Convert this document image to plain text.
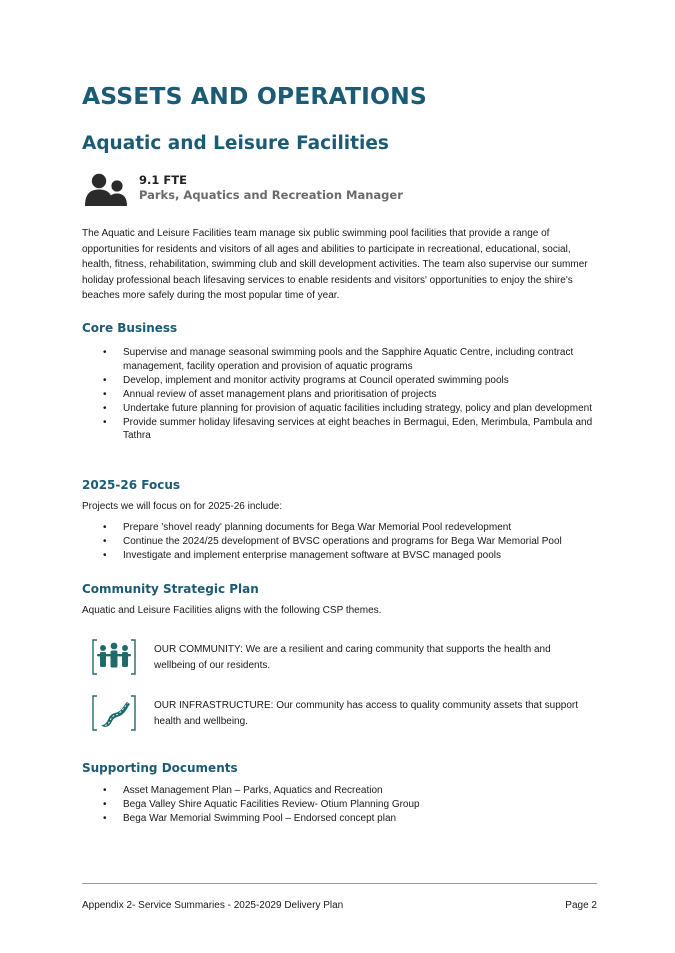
ASSETS AND OPERATIONS
Aquatic and Leisure Facilities
9.1 FTE
Parks, Aquatics and Recreation Manager

The Aquatic and Leisure Facilities team manage six public swimming pool facilities that provide a range of opportunities for residents and visitors of all ages and abilities to participate in recreational, educational, social, health, fitness, rehabilitation, swimming club and skill development activities. The team also supervise our summer holiday professional beach lifesaving services to enable residents and visitors' opportunities to enjoy the shire's beaches more safely during the most popular time of year.

Core Business
• Supervise and manage seasonal swimming pools and the Sapphire Aquatic Centre, including contract management, facility operation and provision of aquatic programs
• Develop, implement and monitor activity programs at Council operated swimming pools
• Annual review of asset management plans and prioritisation of projects
• Undertake future planning for provision of aquatic facilities including strategy, policy and plan development
• Provide summer holiday lifesaving services at eight beaches in Bermagui, Eden, Merimbula, Pambula and Tathra
2025-26 Focus

Projects we will focus on for 2025-26 include:

• Prepare 'shovel ready' planning documents for Bega War Memorial Pool redevelopment
• Continue the 2024/25 development of BVSC operations and programs for Bega War Memorial Pool
• Investigate and implement enterprise management software at BVSC managed pools
Community Strategic Plan

Aquatic and Leisure Facilities aligns with the following CSP themes.

OUR COMMUNITY: We are a resilient and caring community that supports the health and wellbeing of our residents.

OUR INFRASTRUCTURE: Our community has access to quality community assets that support health and wellbeing.

Supporting Documents
• Asset Management Plan – Parks, Aquatics and Recreation
• Bega Valley Shire Aquatic Facilities Review- Otium Planning Group
• Bega War Memorial Swimming Pool – Endorsed concept plan
Appendix 2- Service Summaries - 2025-2029 Delivery Plan	Page 2
